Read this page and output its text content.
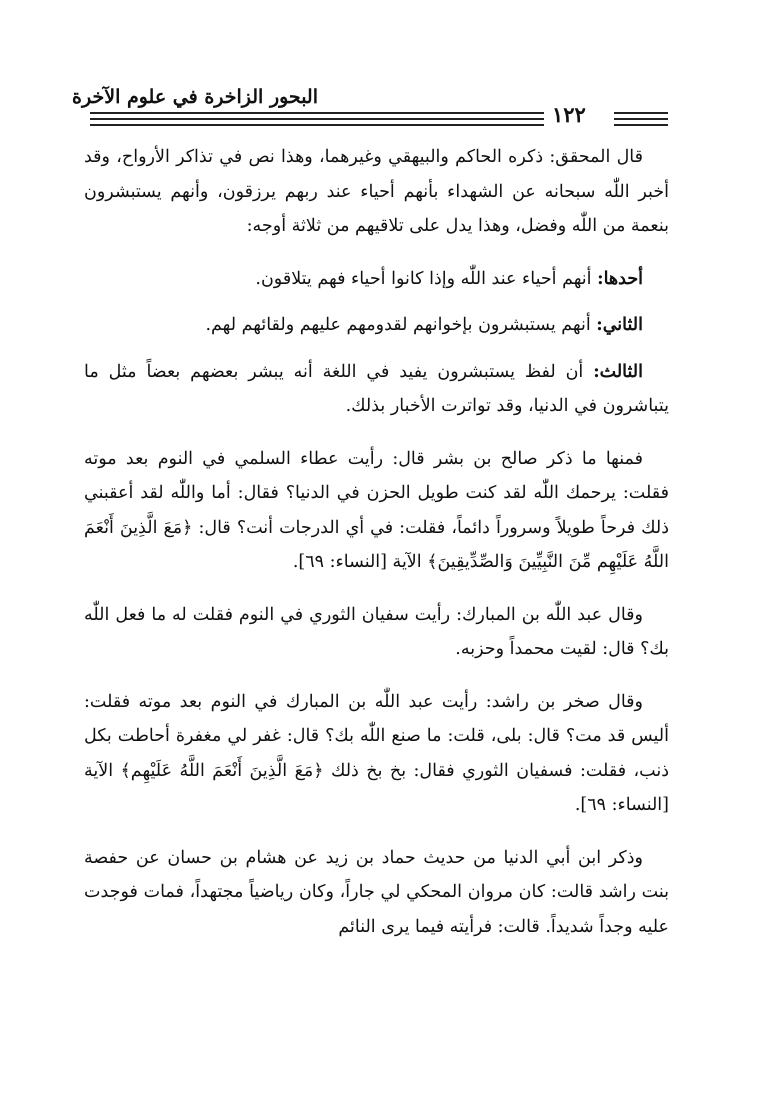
البحور الزاخرة في علوم الآخرة
١٢٢

قال المحقق: ذكره الحاكم والبيهقي وغيرهما، وهذا نص في تذاكر الأرواح، وقد أخبر اللّٰه سبحانه عن الشهداء بأنهم أحياء عند ربهم يرزقون، وأنهم يستبشرون بنعمة من اللّٰه وفضل، وهذا يدل على تلاقيهم من ثلاثة أوجه:

أحدها: أنهم أحياء عند اللّٰه وإذا كانوا أحياء فهم يتلاقون.

الثاني: أنهم يستبشرون بإخوانهم لقدومهم عليهم ولقائهم لهم.

الثالث: أن لفظ يستبشرون يفيد في اللغة أنه يبشر بعضهم بعضاً مثل ما يتباشرون في الدنيا، وقد تواترت الأخبار بذلك.

فمنها ما ذكر صالح بن بشر قال: رأيت عطاء السلمي في النوم بعد موته فقلت: يرحمك اللّٰه لقد كنت طويل الحزن في الدنيا؟ فقال: أما واللّٰه لقد أعقبني ذلك فرحاً طويلاً وسروراً دائماً، فقلت: في أي الدرجات أنت؟ قال: ﴿مَعَ الَّذِينَ أَنْعَمَ اللَّهُ عَلَيْهِم مِّنَ النَّبِيِّينَ وَالصِّدِّيقِينَ﴾ الآية [النساء: ٦٩].

وقال عبد اللّٰه بن المبارك: رأيت سفيان الثوري في النوم فقلت له ما فعل اللّٰه بك؟ قال: لقيت محمداً وحزبه.

وقال صخر بن راشد: رأيت عبد اللّٰه بن المبارك في النوم بعد موته فقلت: أليس قد مت؟ قال: بلى، قلت: ما صنع اللّٰه بك؟ قال: غفر لي مغفرة أحاطت بكل ذنب، فقلت: فسفيان الثوري فقال: بخ بخ ذلك ﴿مَعَ الَّذِينَ أَنْعَمَ اللَّهُ عَلَيْهِم﴾ الآية [النساء: ٦٩].

وذكر ابن أبي الدنيا من حديث حماد بن زيد عن هشام بن حسان عن حفصة بنت راشد قالت: كان مروان المحكي لي جاراً، وكان رياضياً مجتهداً، فمات فوجدت عليه وجداً شديداً. قالت: فرأيته فيما يرى النائم
